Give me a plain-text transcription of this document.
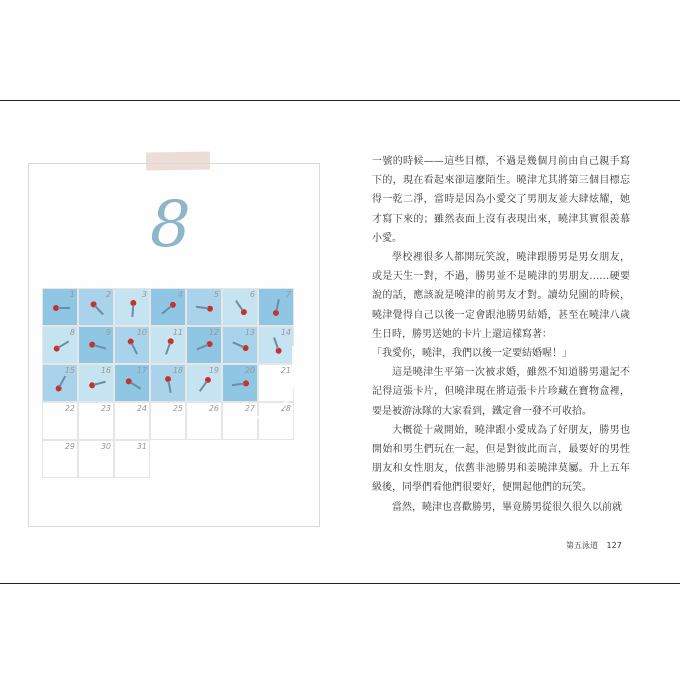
8
1	2	3	4	5	6	7
8	9	10	11	12	13	14
15	16	17	18	19	20	21
22	23	24	25	26	27	28
29	30	31

一號的時候——這些目標，不過是幾個月前由自己親手寫下的，現在看起來卻這麼陌生。曉津尤其將第三個目標忘得一乾二淨，當時是因為小愛交了男朋友並大肆炫耀，她才寫下來的；雖然表面上沒有表現出來，曉津其實很羨慕小愛。

學校裡很多人都開玩笑說，曉津跟勝男是男女朋友，或是天生一對，不過，勝男並不是曉津的男朋友……硬要說的話，應該說是曉津的前男友才對。讀幼兒園的時候，曉津覺得自己以後一定會跟池勝男結婚，甚至在曉津八歲生日時，勝男送她的卡片上還這樣寫著：

「我愛你，曉津，我們以後一定要結婚喔！」

這是曉津生平第一次被求婚，雖然不知道勝男還記不記得這張卡片，但曉津現在將這張卡片珍藏在寶物盒裡，要是被游泳隊的大家看到，鐵定會一發不可收拾。

大概從十歲開始，曉津跟小愛成為了好朋友，勝男也開始和男生們玩在一起，但是對彼此而言，最要好的男性朋友和女性朋友，依舊非池勝男和姜曉津莫屬。升上五年級後，同學們看他們很要好，便開起他們的玩笑。

當然，曉津也喜歡勝男，畢竟勝男從很久很久以前就

第五泳道 127
